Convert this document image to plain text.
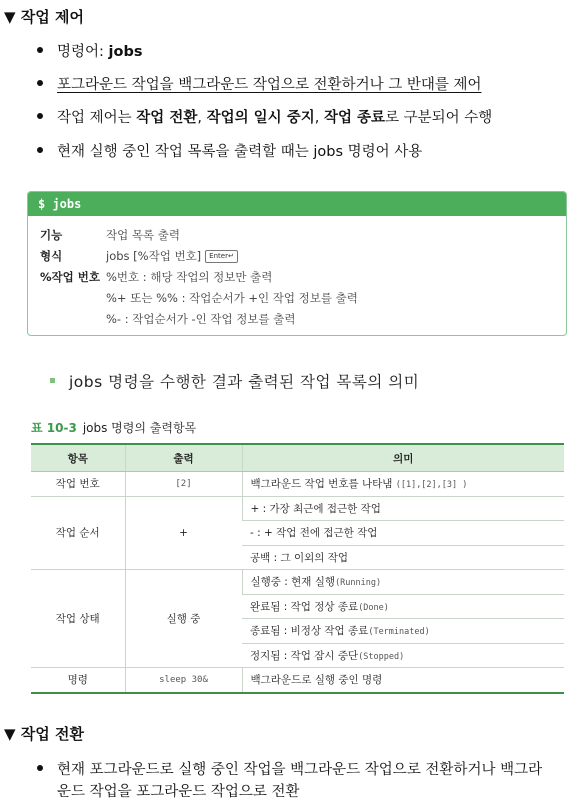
▼ 작업 제어
명령어: jobs
포그라운드 작업을 백그라운드 작업으로 전환하거나 그 반대를 제어
작업 제어는 작업 전환, 작업의 일시 중지, 작업 종료로 구분되어 수행
현재 실행 중인 작업 목록을 출력할 때는 jobs 명령어 사용
$ jobs
기능	작업 목록 출력
형식	jobs [%작업 번호] Enter↵
%작업 번호 %번호 : 해당 작업의 정보만 출력
%+ 또는 %% : 작업순서가 +인 작업 정보를 출력
%- : 작업순서가 -인 작업 정보를 출력
jobs 명령을 수행한 결과 출력된 작업 목록의 의미
표 10-3 jobs 명령의 출력항목
항목	출력	의미
작업 번호	[2]	백그라운드 작업 번호를 나타냄 ([1],[2],[3] )
작업 순서	+	+ : 가장 최근에 접근한 작업
		- : + 작업 전에 접근한 작업
		공백 : 그 이외의 작업
작업 상태	실행 중	실행중 : 현재 실행(Running)
		완료됨 : 작업 정상 종료(Done)
		종료됨 : 비정상 작업 종료(Terminated)
		정지됨 : 작업 잠시 중단(Stopped)
명령	sleep 30&	백그라운드로 실행 중인 명령
▼ 작업 전환
현재 포그라운드로 실행 중인 작업을 백그라운드 작업으로 전환하거나 백그라
운드 작업을 포그라운드 작업으로 전환
